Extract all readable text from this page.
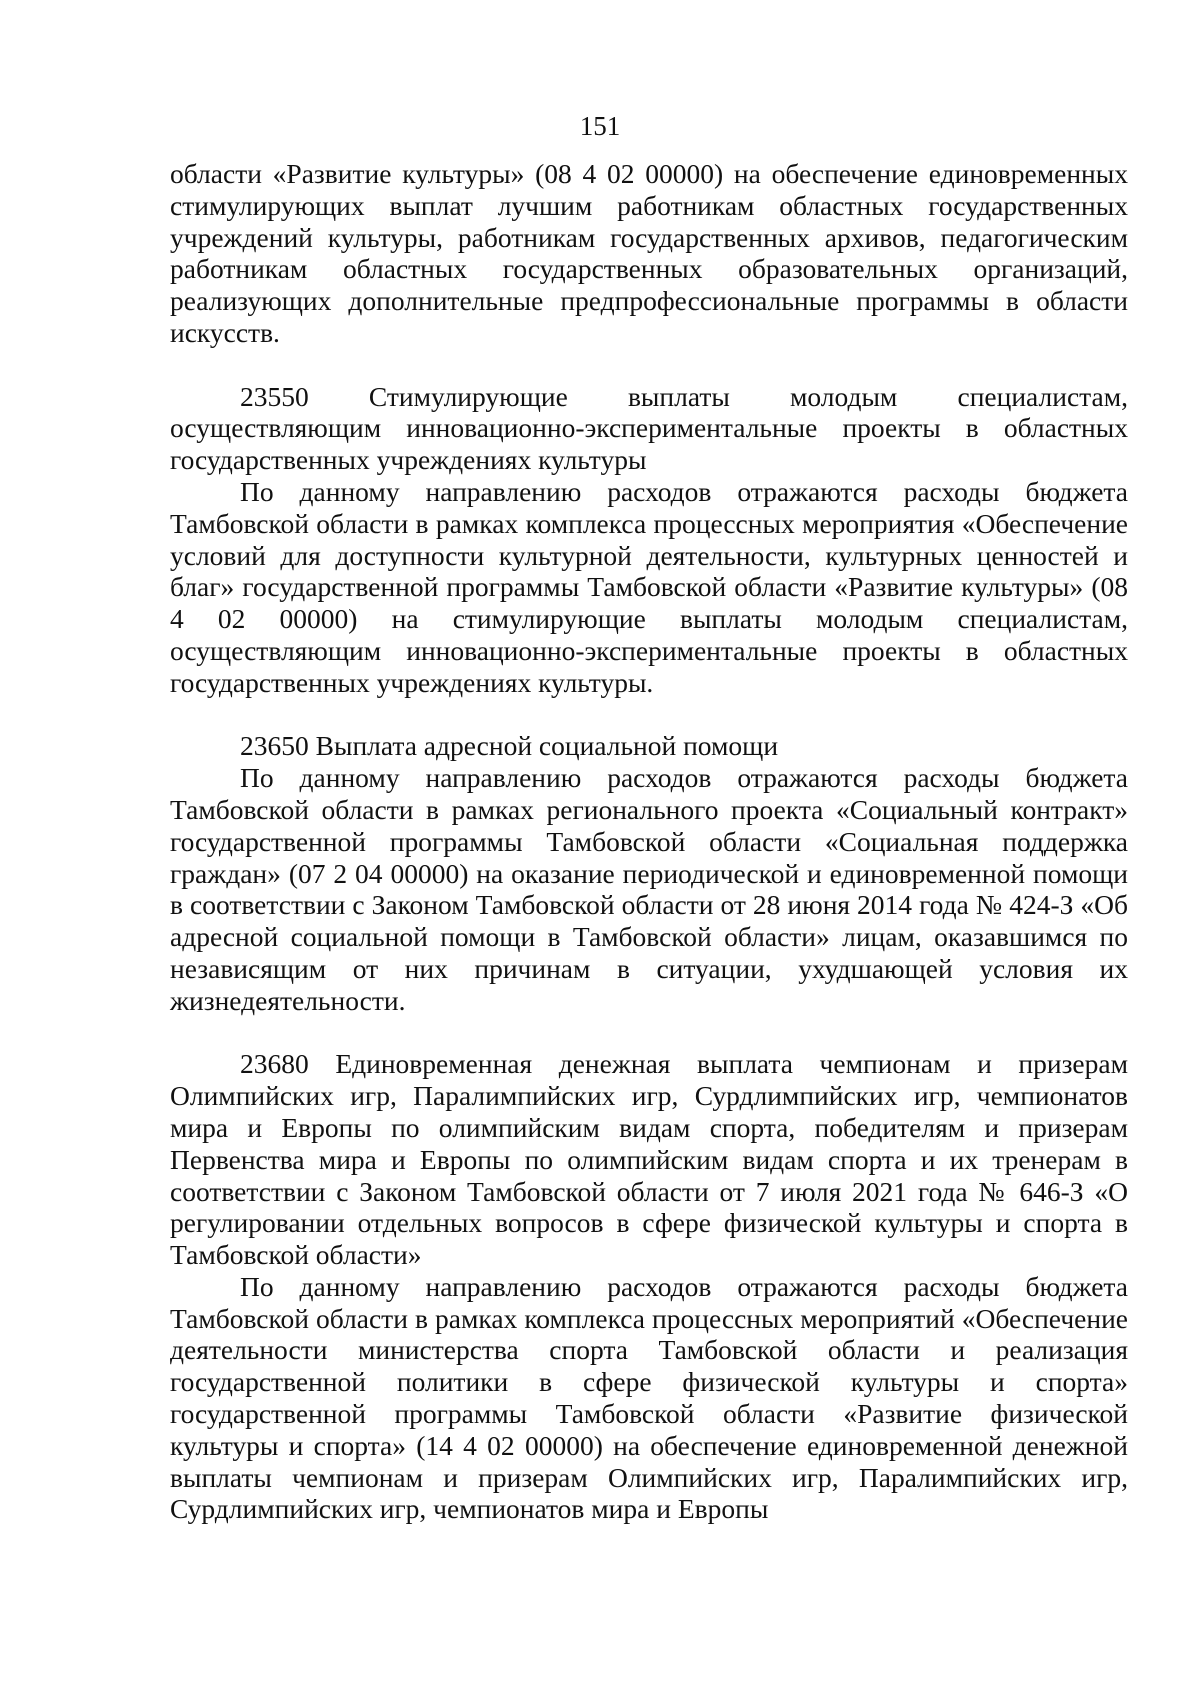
151

области «Развитие культуры» (08 4 02 00000) на обеспечение единовременных стимулирующих выплат лучшим работникам областных государственных учреждений культуры, работникам государственных архивов, педагогическим работникам областных государственных образовательных организаций, реализующих дополнительные предпрофессиональные программы в области искусств.

23550 Стимулирующие выплаты молодым специалистам, осуществляющим инновационно-экспериментальные проекты в областных государственных учреждениях культуры

По данному направлению расходов отражаются расходы бюджета Тамбовской области в рамках комплекса процессных мероприятия «Обеспечение условий для доступности культурной деятельности, культурных ценностей и благ» государственной программы Тамбовской области «Развитие культуры» (08 4 02 00000) на стимулирующие выплаты молодым специалистам, осуществляющим инновационно-экспериментальные проекты в областных государственных учреждениях культуры.

23650 Выплата адресной социальной помощи

По данному направлению расходов отражаются расходы бюджета Тамбовской области в рамках регионального проекта «Социальный контракт» государственной программы Тамбовской области «Социальная поддержка граждан» (07 2 04 00000) на оказание периодической и единовременной помощи в соответствии с Законом Тамбовской области от 28 июня 2014 года № 424-З «Об адресной социальной помощи в Тамбовской области» лицам, оказавшимся по независящим от них причинам в ситуации, ухудшающей условия их жизнедеятельности.

23680 Единовременная денежная выплата чемпионам и призерам Олимпийских игр, Паралимпийских игр, Сурдлимпийских игр, чемпионатов мира и Европы по олимпийским видам спорта, победителям и призерам Первенства мира и Европы по олимпийским видам спорта и их тренерам в соответствии с Законом Тамбовской области от 7 июля 2021 года № 646-З «О регулировании отдельных вопросов в сфере физической культуры и спорта в Тамбовской области»

По данному направлению расходов отражаются расходы бюджета Тамбовской области в рамках комплекса процессных мероприятий «Обеспечение деятельности министерства спорта Тамбовской области и реализация государственной политики в сфере физической культуры и спорта» государственной программы Тамбовской области «Развитие физической культуры и спорта» (14 4 02 00000) на обеспечение единовременной денежной выплаты чемпионам и призерам Олимпийских игр, Паралимпийских игр, Сурдлимпийских игр, чемпионатов мира и Европы
